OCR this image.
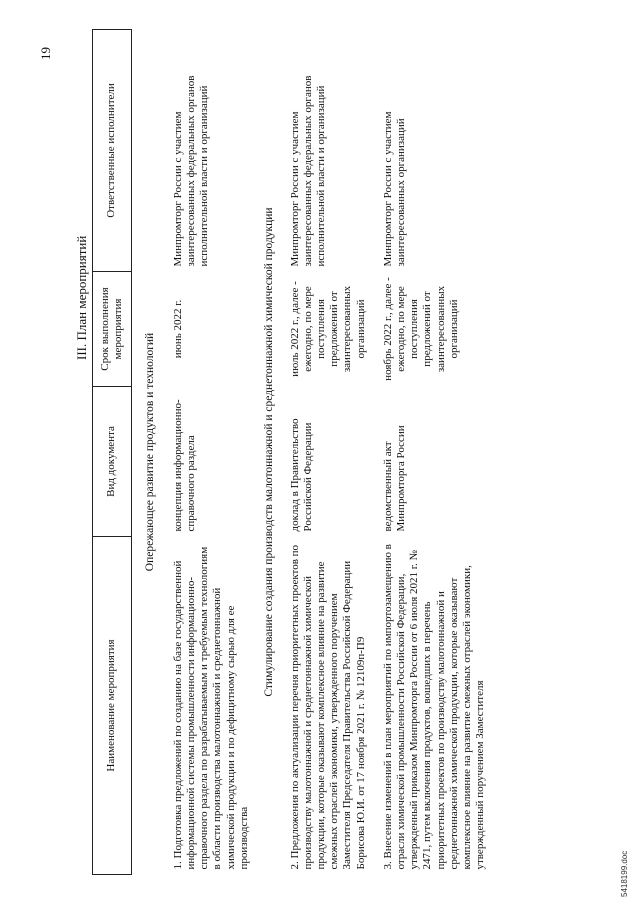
19
III. План мероприятий
Наименование мероприятия	Вид документа	Срок выполнения мероприятия	Ответственные исполнители
Опережающее развитие продуктов и технологий			
1. Подготовка предложений по созданию на базе государственной информационной системы промышленности информационно-справочного раздела по разрабатываемым и требуемым технологиям в области производства малотоннажной и среднетоннажной химической продукции и по дефицитному сырью для ее производства	концепция информационно-справочного раздела	июнь 2022 г.	Минпромторг России с участием заинтересованных федеральных органов исполнительной власти и организаций
Стимулирование создания производств малотоннажной и среднетоннажной химической продукции			
2. Предложения по актуализации перечня приоритетных проектов по производству малотоннажной и среднетоннажной химической продукции, которые оказывают комплексное влияние на развитие смежных отраслей экономики, утвержденного поручением Заместителя Председателя Правительства Российской Федерации Борисова Ю.И. от 17 ноября 2021 г. № 12109п-П9	доклад в Правительство Российской Федерации	июль 2022 г., далее - ежегодно, по мере поступления предложений от заинтересованных организаций	Минпромторг России с участием заинтересованных федеральных органов исполнительной власти и организаций
3. Внесение изменений в план мероприятий по импортозамещению в отрасли химической промышленности Российской Федерации, утвержденный приказом Минпромторга России от 6 июля 2021 г. № 2471, путем включения продуктов, вошедших в перечень приоритетных проектов по производству малотоннажной и среднетоннажной химической продукции, которые оказывают комплексное влияние на развитие смежных отраслей экономики, утвержденный поручением Заместителя	ведомственный акт Минпромторга России	ноябрь 2022 г., далее - ежегодно, по мере поступления предложений от заинтересованных организаций	Минпромторг России с участием заинтересованных организаций
5418199.doc
